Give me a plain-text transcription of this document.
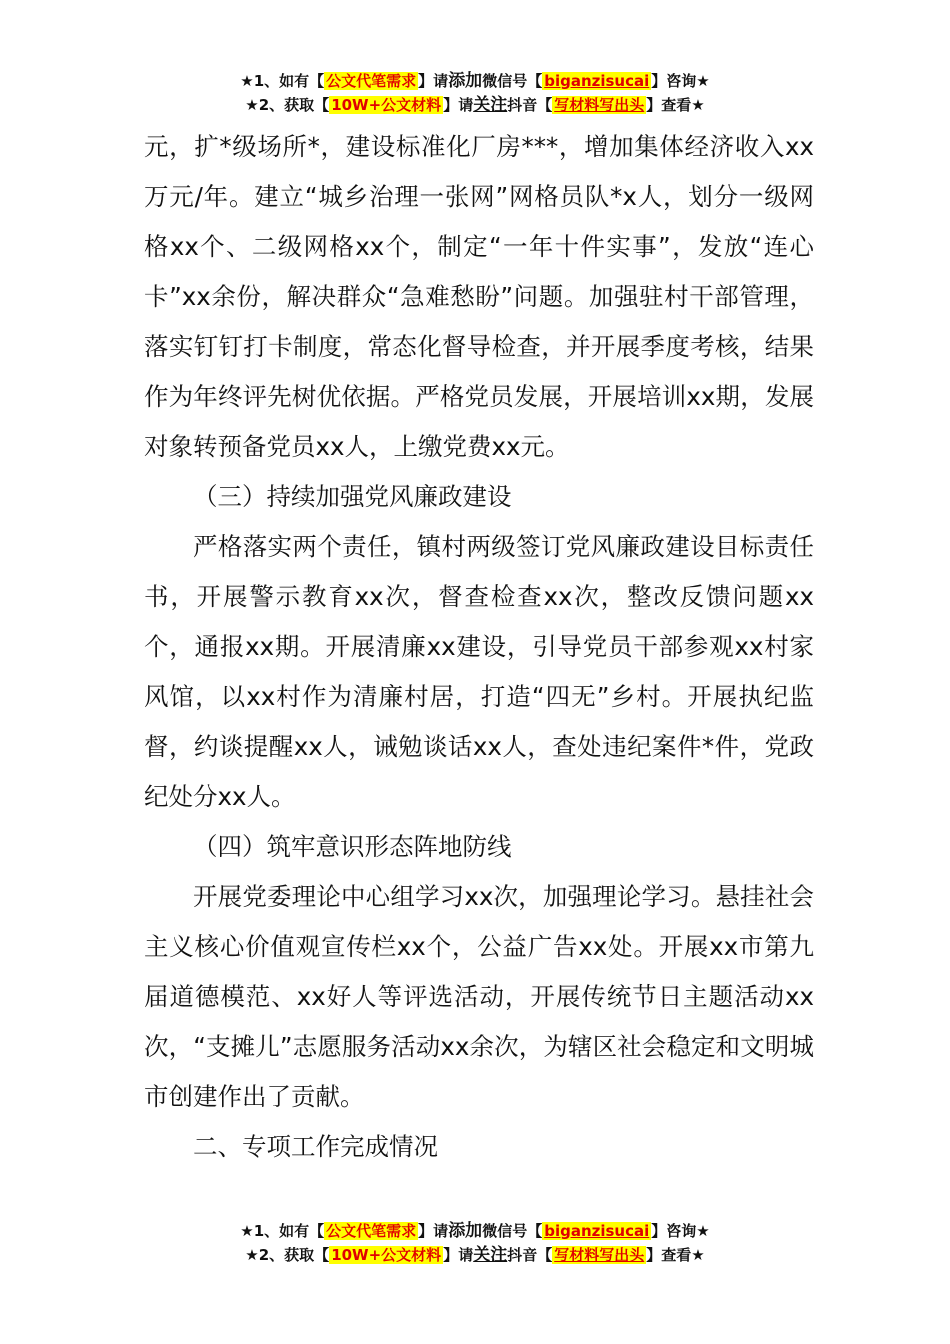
★1、如有【 公文代笔需求 】请添加微信号【 biganzisucai 】咨询★
★2、获取【 10W+公文材料 】请关注抖音【 写材料写出头 】查看★

元，扩*级场所*，建设标准化厂房***，增加集体经济收入xx万元/年。建立“城乡治理一张网”网格员队*x人，划分一级网格xx个、二级网格xx个，制定“一年十件实事”，发放“连心卡”xx余份，解决群众“急难愁盼”问题。加强驻村干部管理，落实钉钉打卡制度，常态化督导检查，并开展季度考核，结果作为年终评先树优依据。严格党员发展，开展培训xx期，发展对象转预备党员xx人，上缴党费xx元。

（三）持续加强党风廉政建设

严格落实两个责任，镇村两级签订党风廉政建设目标责任书，开展警示教育xx次，督查检查xx次，整改反馈问题xx个，通报xx期。开展清廉xx建设，引导党员干部参观xx村家风馆，以xx村作为清廉村居，打造“四无”乡村。开展执纪监督，约谈提醒xx人，诫勉谈话xx人，查处违纪案件*件，党政纪处分xx人。

（四）筑牢意识形态阵地防线

开展党委理论中心组学习xx次，加强理论学习。悬挂社会主义核心价值观宣传栏xx个，公益广告xx处。开展xx市第九届道德模范、xx好人等评选活动，开展传统节日主题活动xx次，“支摊儿”志愿服务活动xx余次，为辖区社会稳定和文明城市创建作出了贡献。

二、专项工作完成情况

★1、如有【 公文代笔需求 】请添加微信号【 biganzisucai 】咨询★
★2、获取【 10W+公文材料 】请关注抖音【 写材料写出头 】查看★
